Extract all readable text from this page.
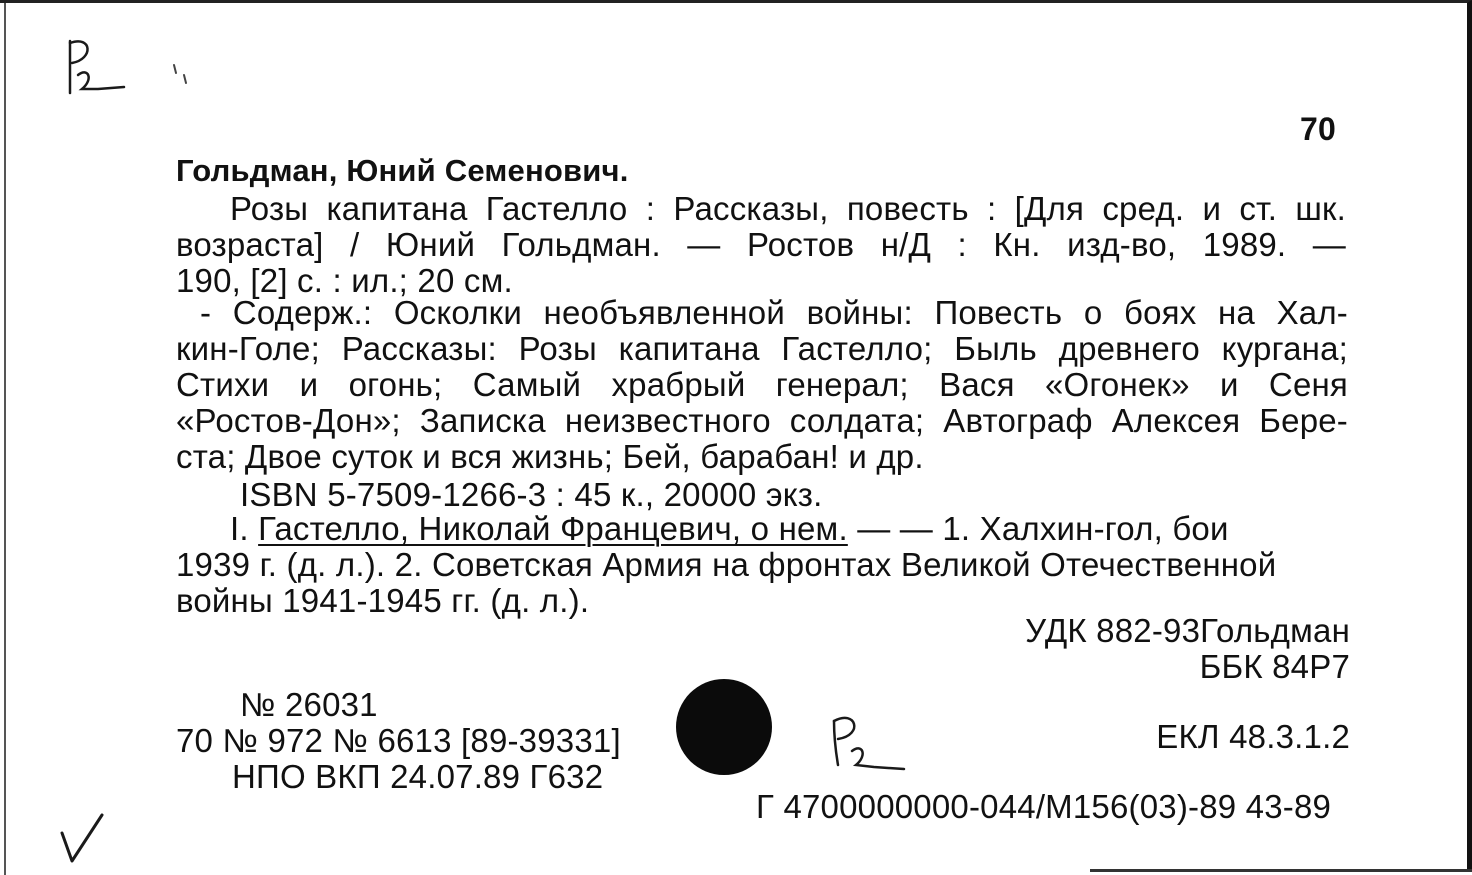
70
Гольдман, Юний Семенович.
Розы капитана Гастелло : Рассказы, повесть : [Для сред. и ст. шк.
возраста] / Юний Гольдман. — Ростов н/Д : Кн. изд-во, 1989. —
190, [2] с. : ил.; 20 см.
- Содерж.: Осколки необъявленной войны: Повесть о боях на Хал-
кин-Голе; Рассказы: Розы капитана Гастелло; Быль древнего кургана;
Стихи и огонь; Самый храбрый генерал; Вася «Огонек» и Сеня
«Ростов-Дон»; Записка неизвестного солдата; Автограф Алексея Бере-
ста; Двое суток и вся жизнь; Бей, барабан! и др.
ISBN 5-7509-1266-3 : 45 к., 20000 экз.
I. Гастелло, Николай Францевич, о нем. — — 1. Халхин-гол, бои
1939 г. (д. л.). 2. Советская Армия на фронтах Великой Отечественной
войны 1941-1945 гг. (д. л.).
УДК 882-93Гольдман
ББК 84Р7
№ 26031
70 № 972 № 6613 [89-39331]
НПО ВКП 24.07.89 Г632
ЕКЛ 48.3.1.2
Г 4700000000-044/М156(03)-89 43-89
